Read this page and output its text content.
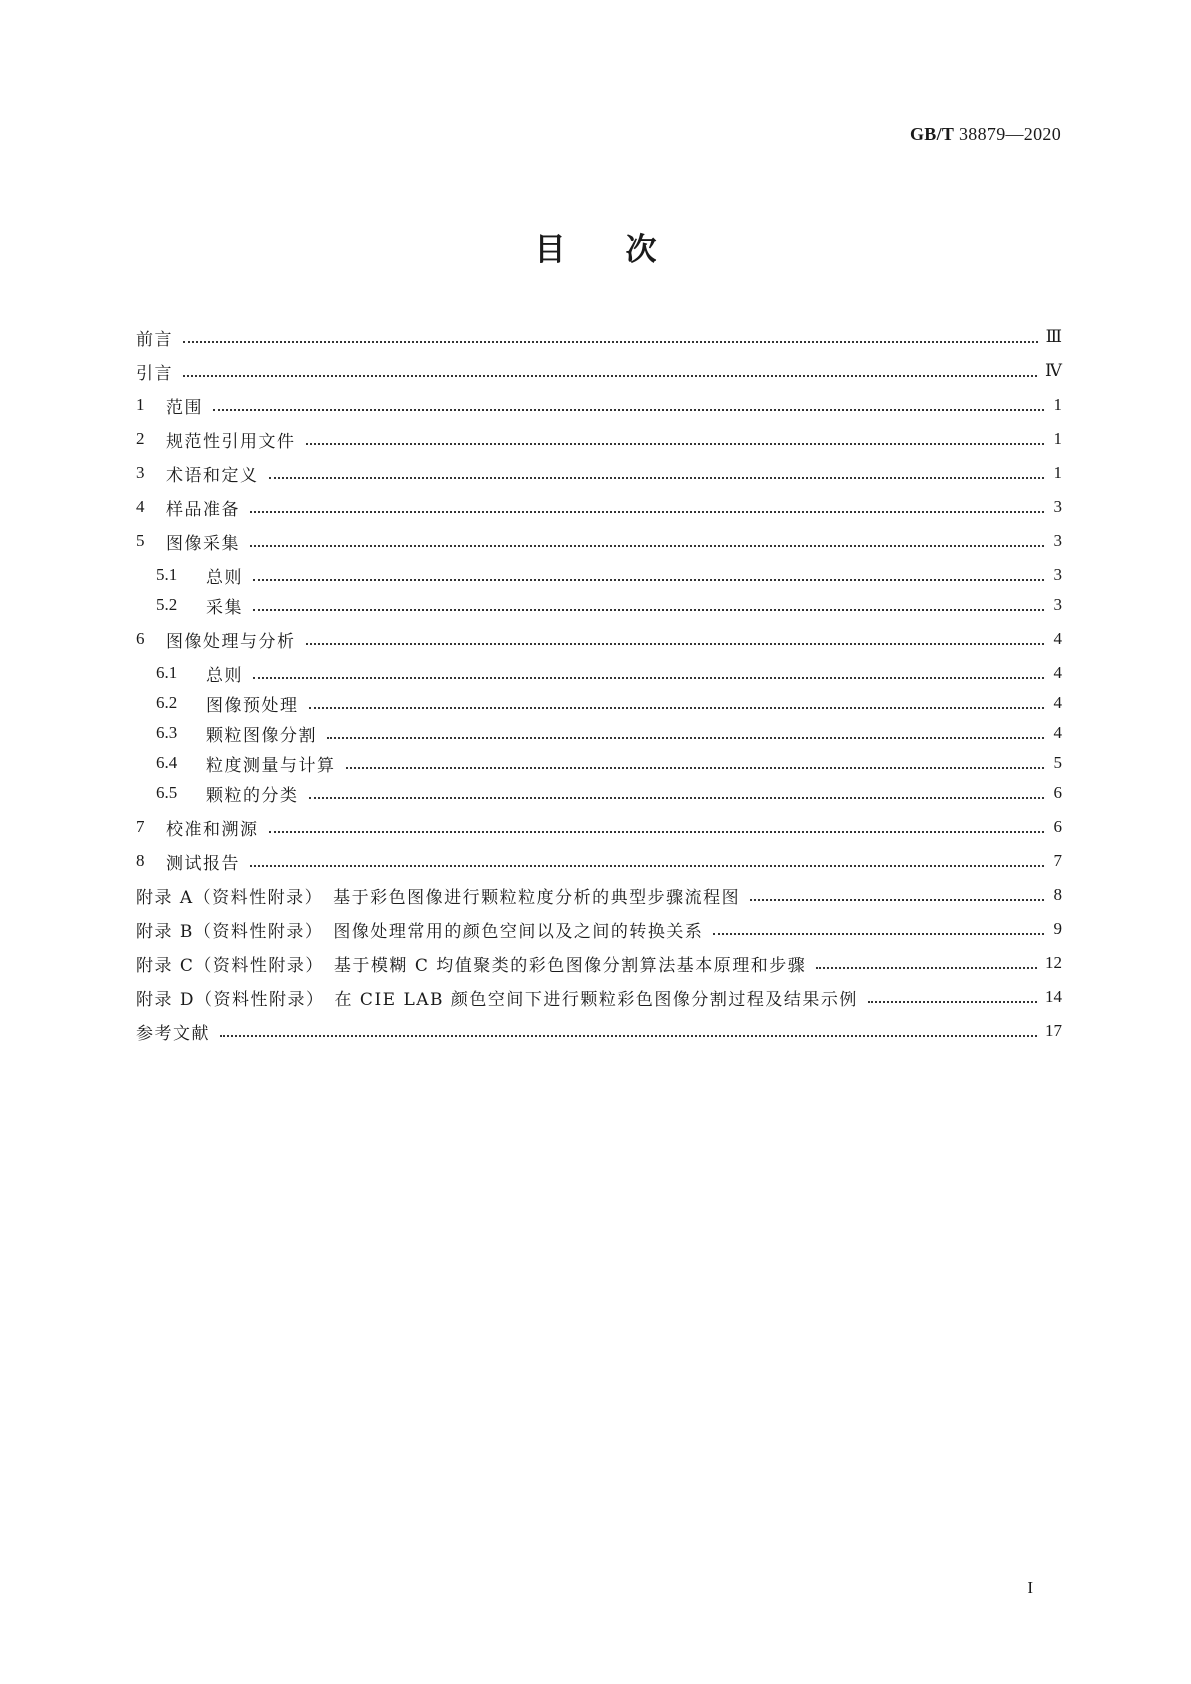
GB/T 38879—2020
目次
前言	Ⅲ
引言	Ⅳ
1	范围	1
2	规范性引用文件	1
3	术语和定义	1
4	样品准备	3
5	图像采集	3
5.1	总则	3
5.2	采集	3
6	图像处理与分析	4
6.1	总则	4
6.2	图像预处理	4
6.3	颗粒图像分割	4
6.4	粒度测量与计算	5
6.5	颗粒的分类	6
7	校准和溯源	6
8	测试报告	7
附录 A（资料性附录）　基于彩色图像进行颗粒粒度分析的典型步骤流程图	8
附录 B（资料性附录）　图像处理常用的颜色空间以及之间的转换关系	9
附录 C（资料性附录）　基于模糊 C 均值聚类的彩色图像分割算法基本原理和步骤	12
附录 D（资料性附录）　在 CIE LAB 颜色空间下进行颗粒彩色图像分割过程及结果示例	14
参考文献	17
I
